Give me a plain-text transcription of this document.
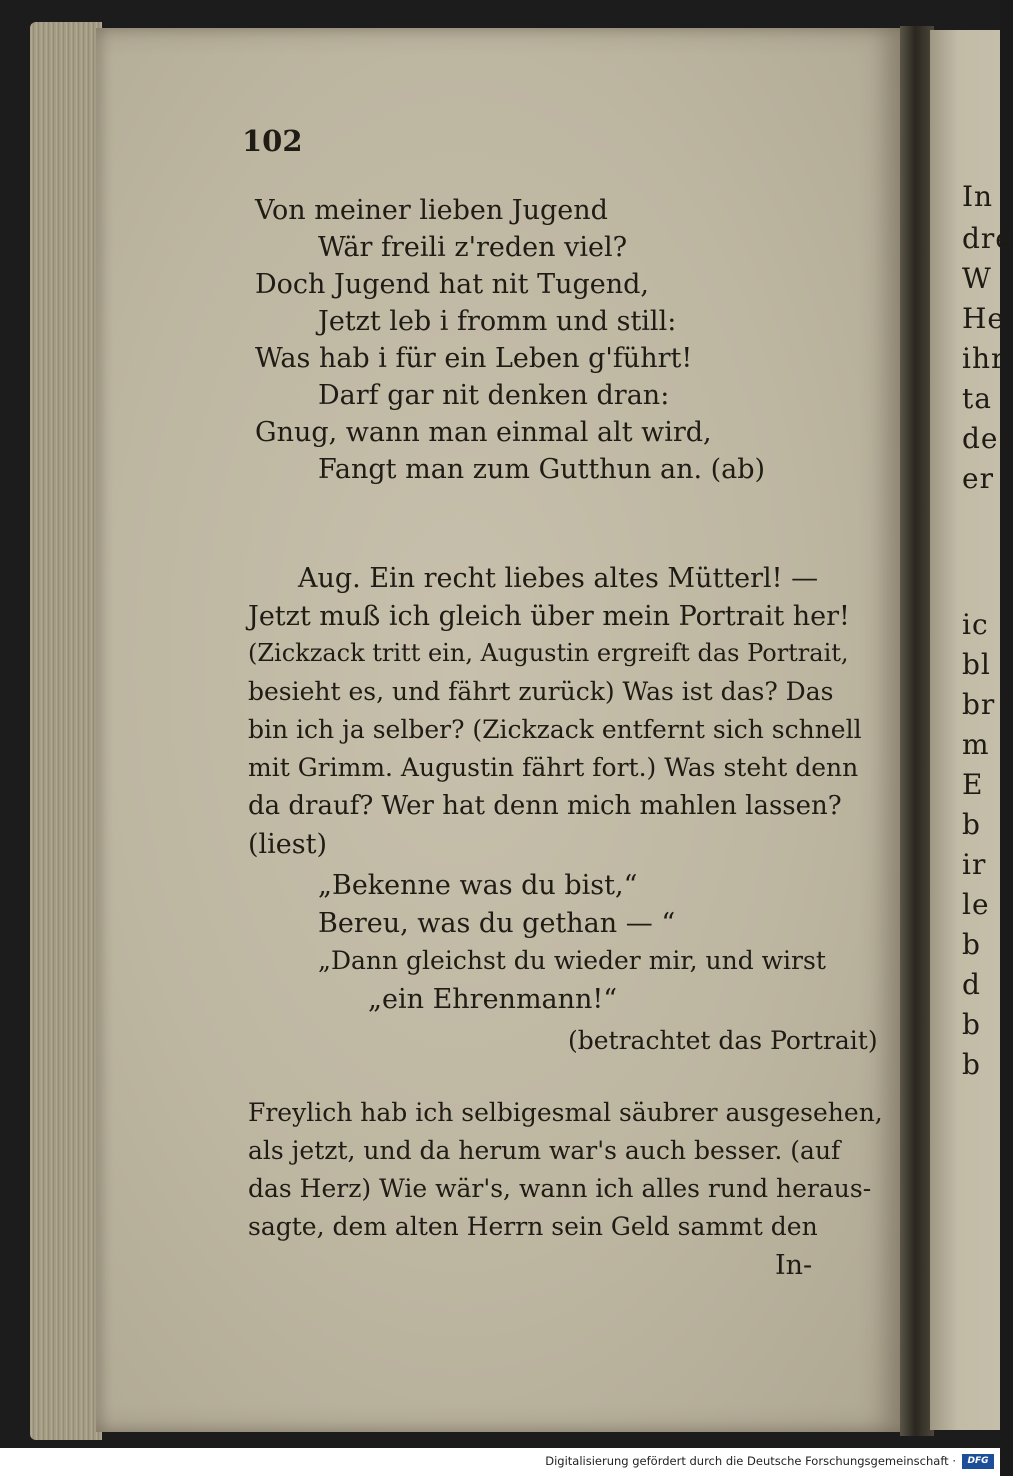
In
dre
W
He
ihr
ta
de
er
ic
bl
br
m
E
b
ir
le
b
d
b
b
102
Von meiner lieben Jugend
Wär freili z'reden viel?
Doch Jugend hat nit Tugend,
Jetzt leb i fromm und still:
Was hab i für ein Leben g'führt!
Darf gar nit denken dran:
Gnug, wann man einmal alt wird,
Fangt man zum Gutthun an. (ab)
Aug. Ein recht liebes altes Mütterl! —
Jetzt muß ich gleich über mein Portrait her!
(Zickzack tritt ein, Augustin ergreift das Portrait,
besieht es, und fährt zurück) Was ist das? Das
bin ich ja selber? (Zickzack entfernt sich schnell
mit Grimm. Augustin fährt fort.) Was steht denn
da drauf? Wer hat denn mich mahlen lassen?
(liest)
„Bekenne was du bist,“
Bereu, was du gethan — “
„Dann gleichst du wieder mir, und wirst
„ein Ehrenmann!“
(betrachtet das Portrait)
Freylich hab ich selbigesmal säubrer ausgesehen,
als jetzt, und da herum war's auch besser. (auf
das Herz) Wie wär's, wann ich alles rund heraus-
sagte, dem alten Herrn sein Geld sammt den
In-
Digitalisierung gefördert durch die Deutsche Forschungsgemeinschaft ·	DFG
